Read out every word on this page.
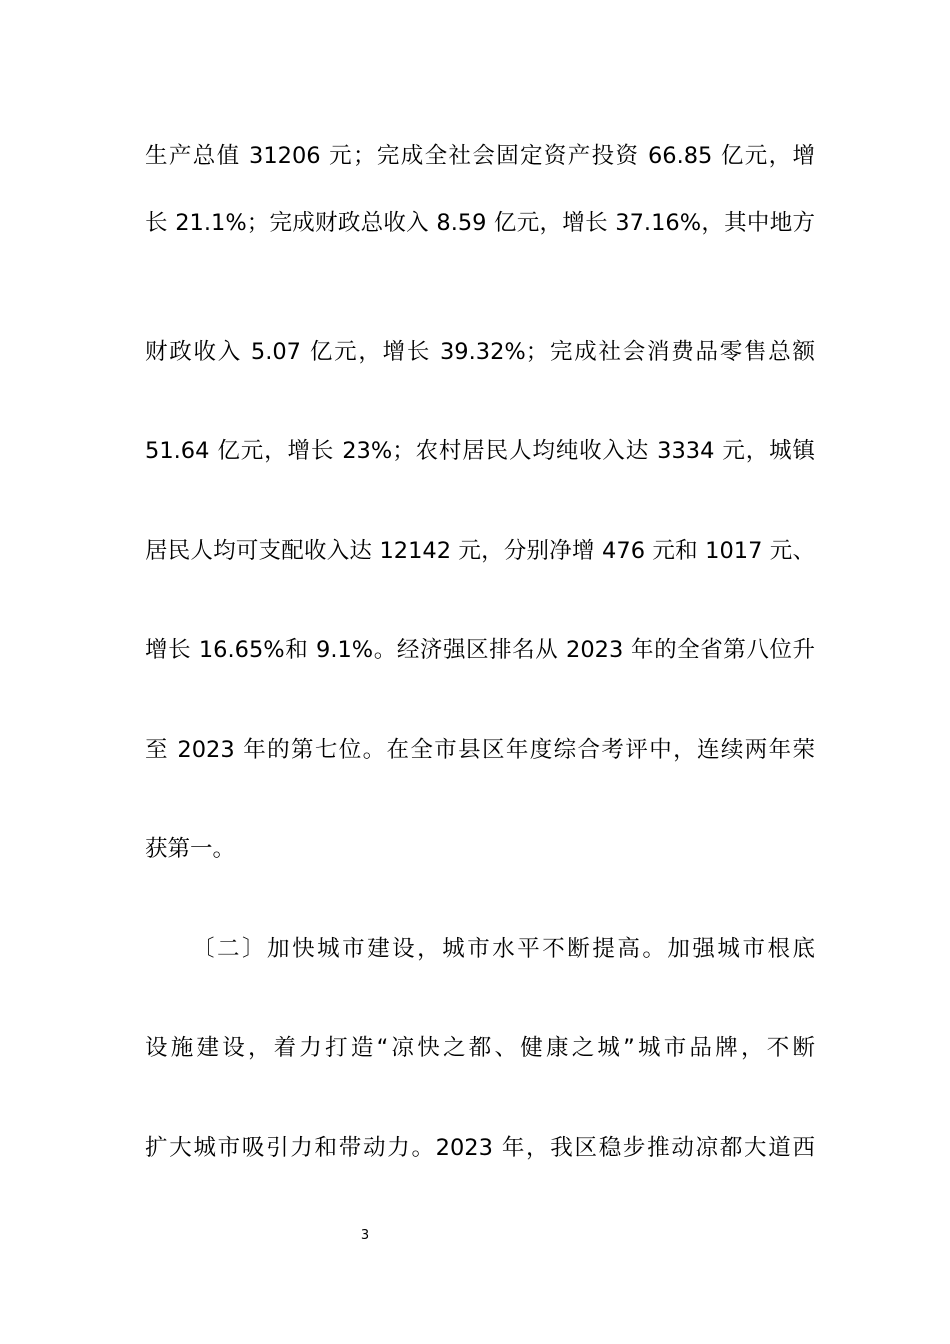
生产总值 31206 元；完成全社会固定资产投资 66.85 亿元，增
长 21.1%；完成财政总收入 8.59 亿元，增长 37.16%，其中地方
财政收入 5.07 亿元，增长 39.32%；完成社会消费品零售总额
51.64 亿元，增长 23%；农村居民人均纯收入达 3334 元，城镇
居民人均可支配收入达 12142 元，分别净增 476 元和 1017 元、
增长 16.65%和 9.1%。经济强区排名从 2023 年的全省第八位升
至 2023 年的第七位。在全市县区年度综合考评中，连续两年荣
获第一。
〔二〕加快城市建设，城市水平不断提高。加强城市根底
设施建设，着力打造“凉快之都、健康之城”城市品牌，不断
扩大城市吸引力和带动力。2023 年，我区稳步推动凉都大道西
3
